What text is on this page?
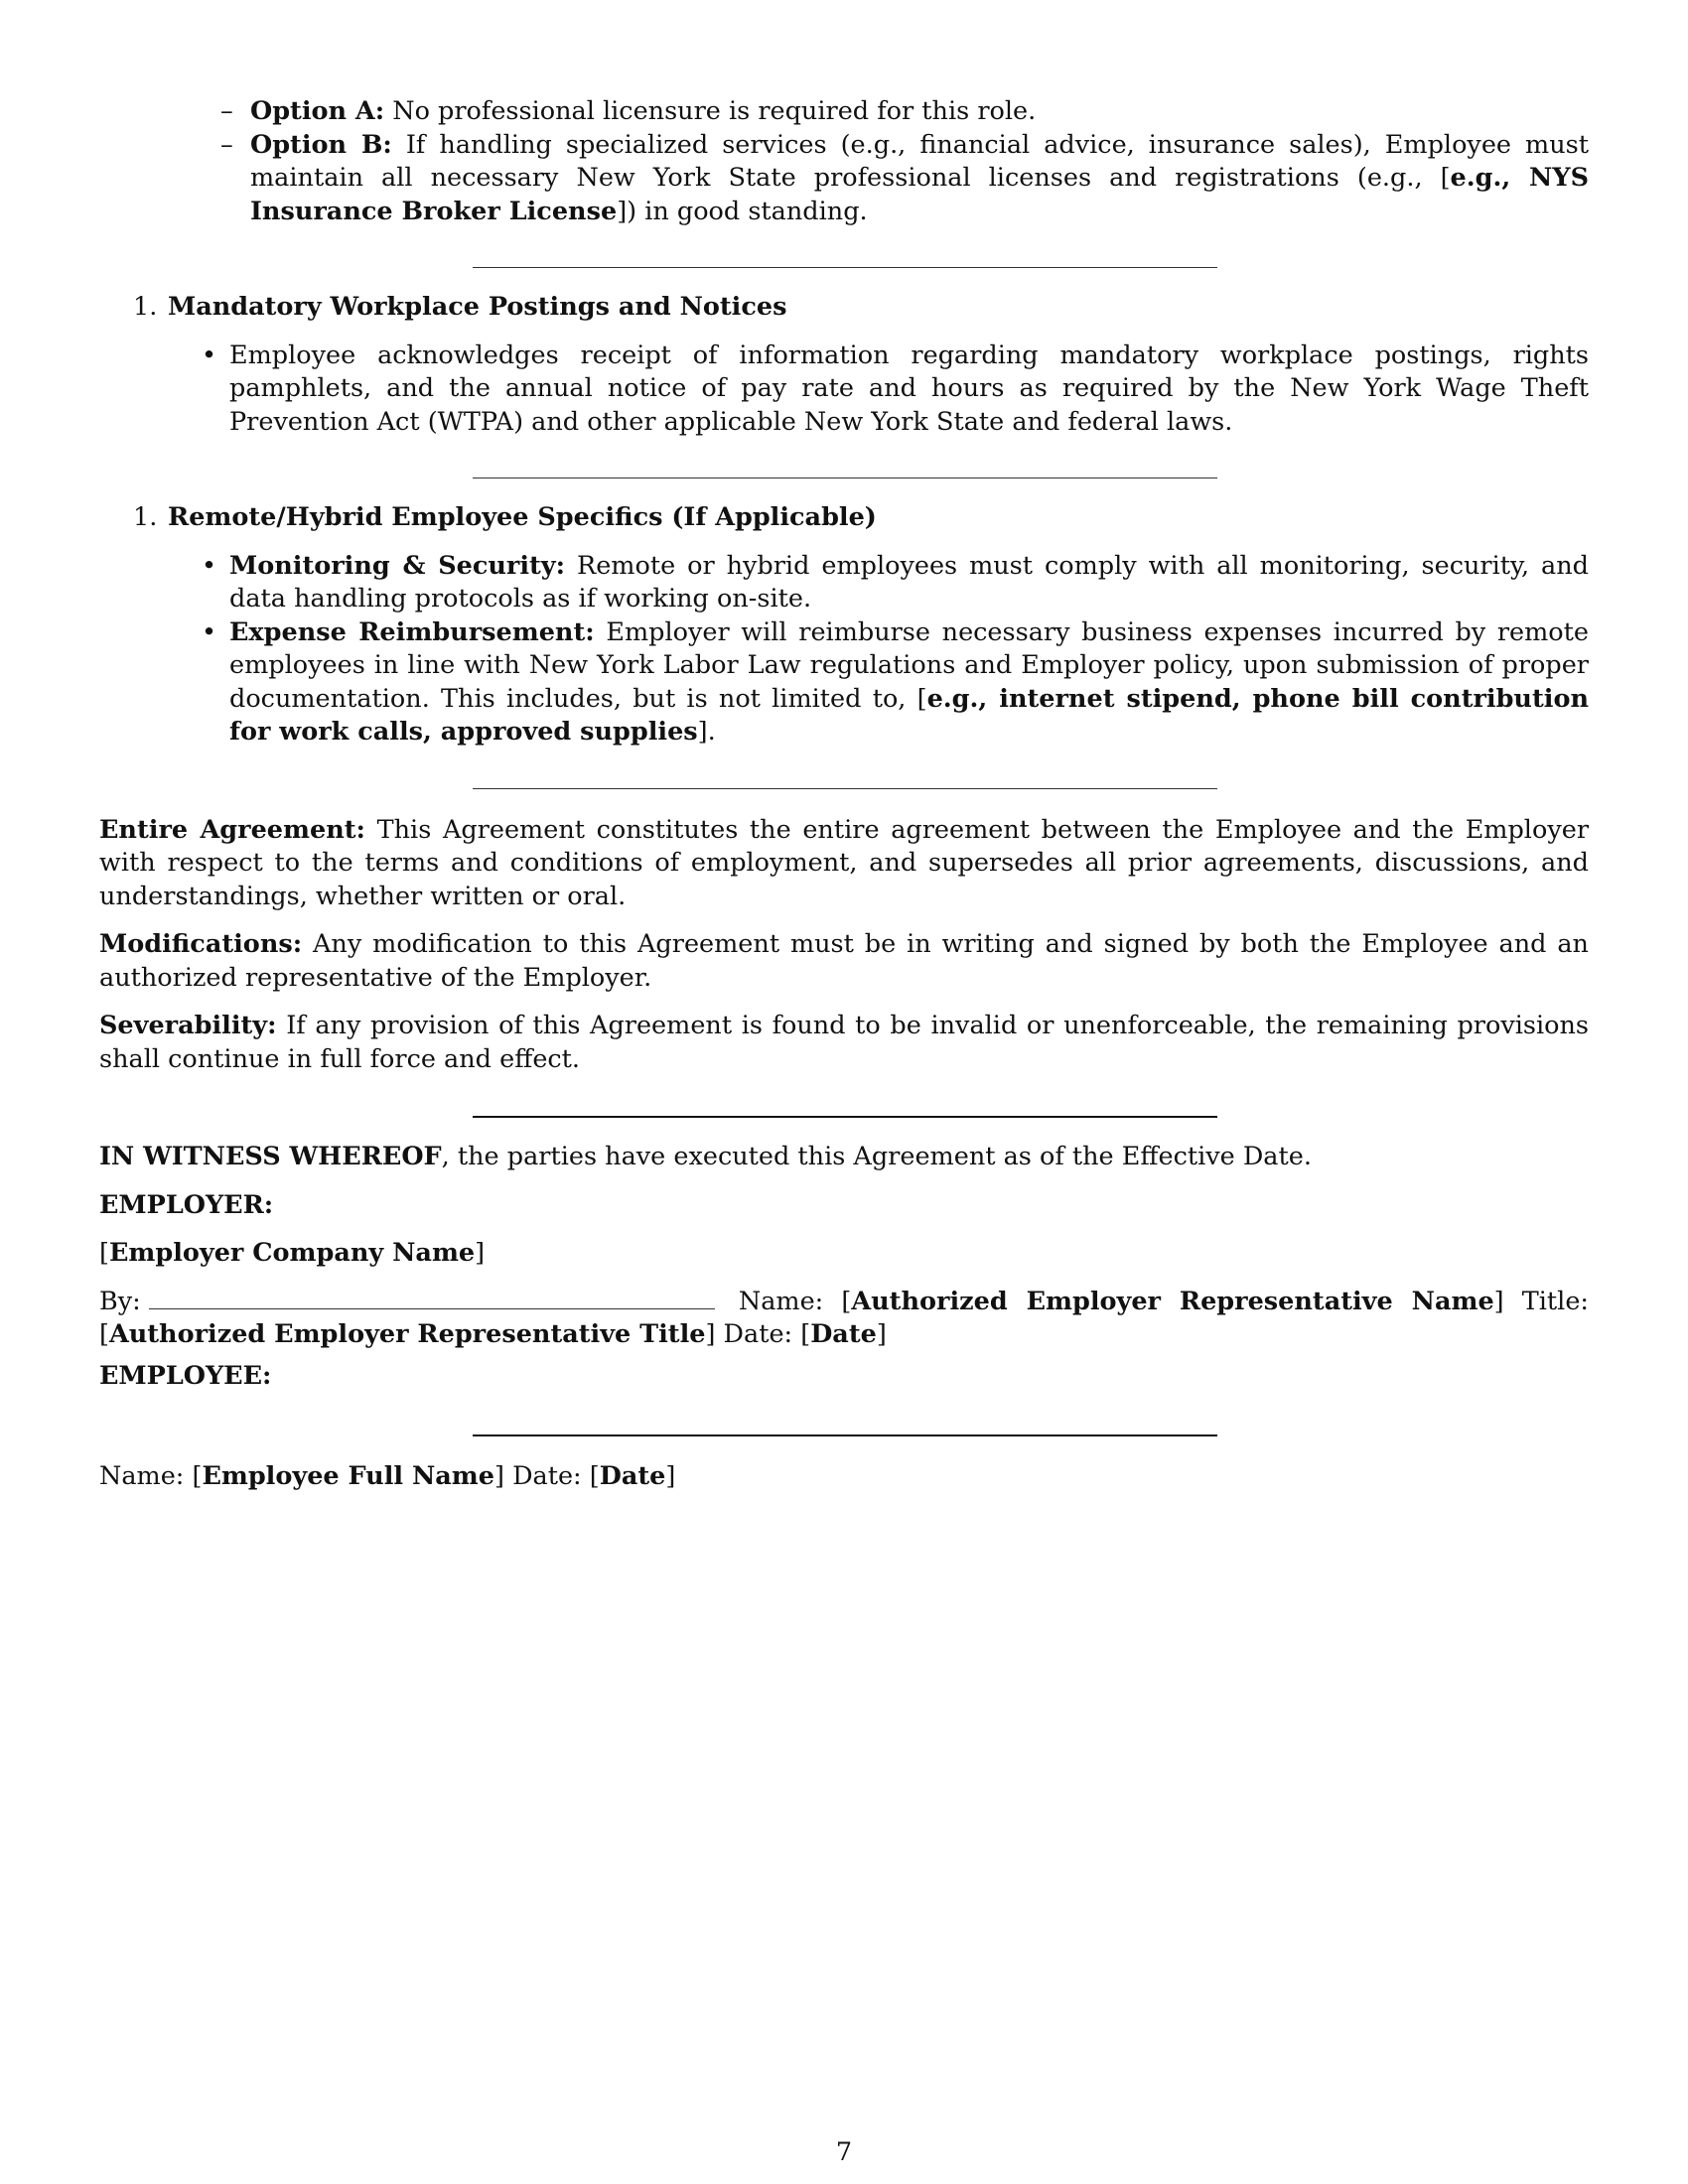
– Option A: No professional licensure is required for this role.
– Option B: If handling specialized services (e.g., financial advice, insurance sales), Employee must maintain all necessary New York State professional licenses and registrations (e.g., [e.g., NYS Insurance Broker License]) in good standing.
1. Mandatory Workplace Postings and Notices
• Employee acknowledges receipt of information regarding mandatory workplace postings, rights pamphlets, and the annual notice of pay rate and hours as required by the New York Wage Theft Prevention Act (WTPA) and other applicable New York State and federal laws.
1. Remote/Hybrid Employee Specifics (If Applicable)
• Monitoring & Security: Remote or hybrid employees must comply with all monitoring, security, and data handling protocols as if working on-site.
• Expense Reimbursement: Employer will reimburse necessary business expenses incurred by remote employees in line with New York Labor Law regulations and Employer policy, upon submission of proper documentation. This includes, but is not limited to, [e.g., internet stipend, phone bill contribution for work calls, approved supplies].

Entire Agreement: This Agreement constitutes the entire agreement between the Employee and the Employer with respect to the terms and conditions of employment, and supersedes all prior agreements, discussions, and understandings, whether written or oral.

Modifications: Any modification to this Agreement must be in writing and signed by both the Employee and an authorized representative of the Employer.

Severability: If any provision of this Agreement is found to be invalid or unenforceable, the remaining provisions shall continue in full force and effect.

IN WITNESS WHEREOF, the parties have executed this Agreement as of the Effective Date.

EMPLOYER:

[Employer Company Name]

By:	Name: [Authorized Employer Representative Name] Title: [Authorized Employer Representative Title] Date: [Date]

EMPLOYEE:

Name: [Employee Full Name] Date: [Date]

7
